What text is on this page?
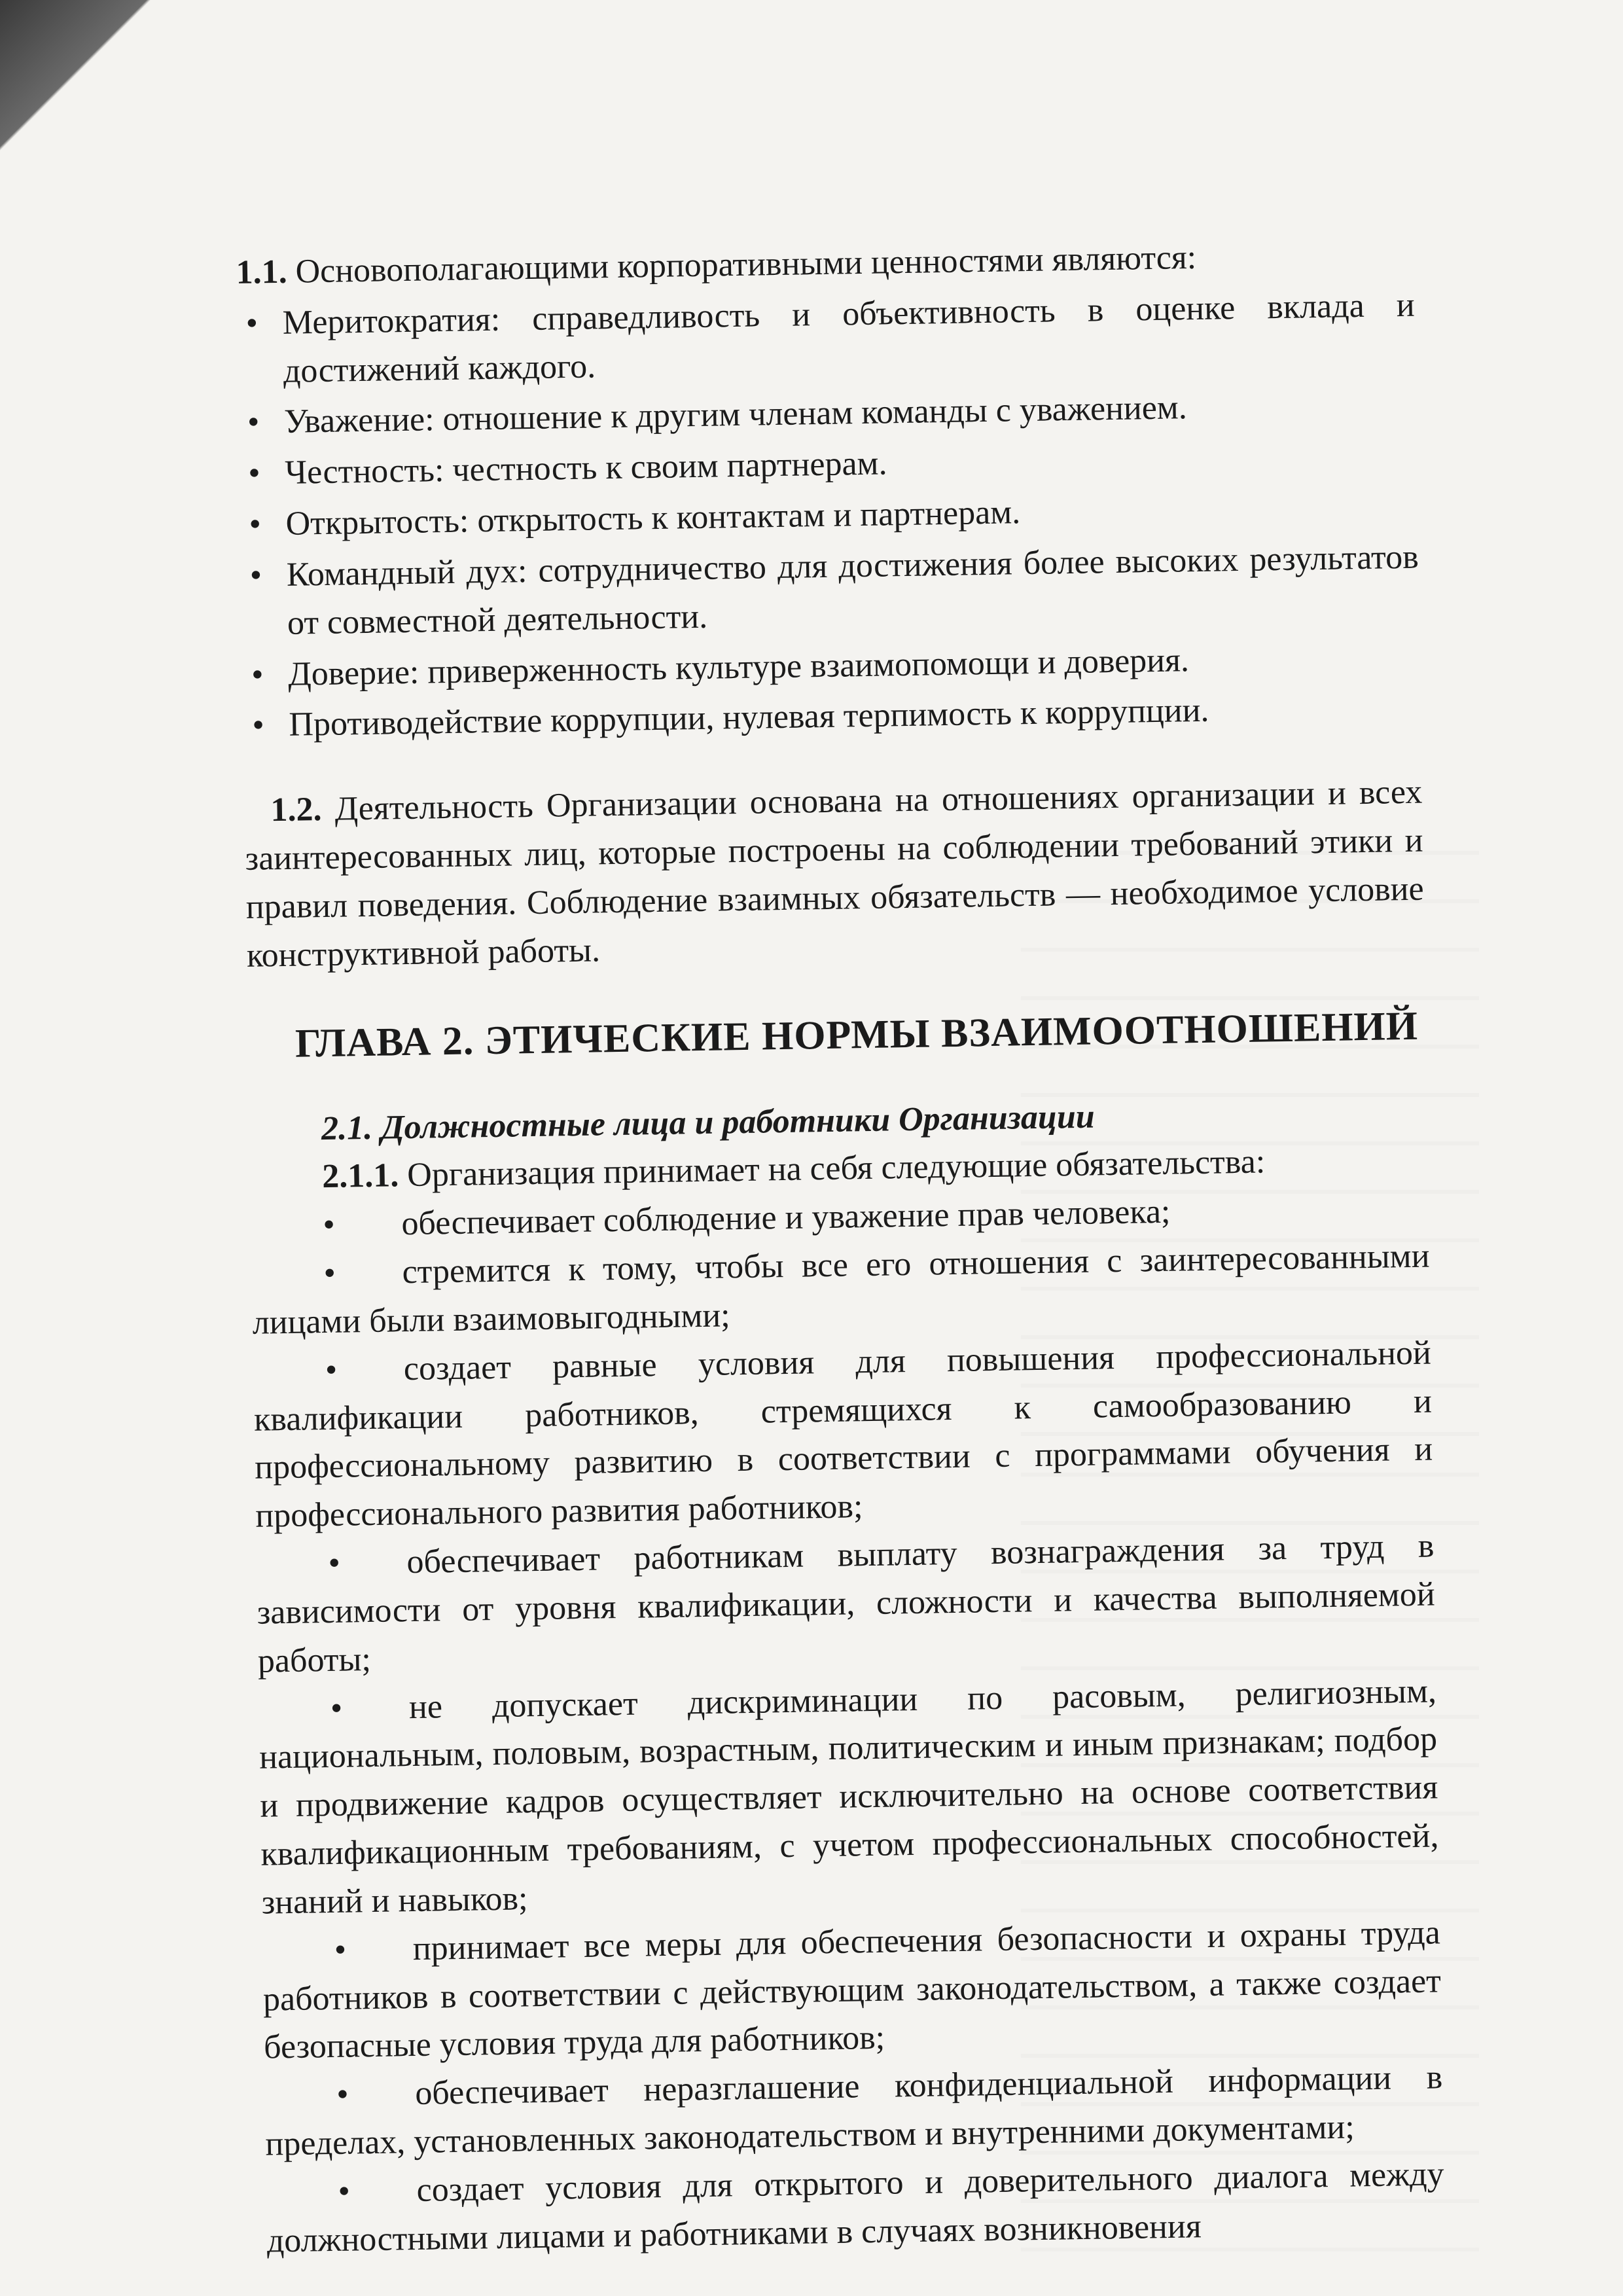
1.1. Основополагающими корпоративными ценностями являются:

• Меритократия: справедливость и объективность в оценке вклада и достижений каждого.
• Уважение: отношение к другим членам команды с уважением.
• Честность: честность к своим партнерам.
• Открытость: открытость к контактам и партнерам.
• Командный дух: сотрудничество для достижения более высоких результатов от совместной деятельности.
• Доверие: приверженность культуре взаимопомощи и доверия.
• Противодействие коррупции, нулевая терпимость к коррупции.

1.2. Деятельность Организации основана на отношениях организации и всех заинтересованных лиц, которые построены на соблюдении требований этики и правил поведения. Соблюдение взаимных обязательств — необходимое условие конструктивной работы.

ГЛАВА 2. ЭТИЧЕСКИЕ НОРМЫ ВЗАИМООТНОШЕНИЙ
2.1. Должностные лица и работники Организации
2.1.1. Организация принимает на себя следующие обязательства:

• обеспечивает соблюдение и уважение прав человека;

• стремится к тому, чтобы все его отношения с заинтересованными лицами были взаимовыгодными;

• создает равные условия для повышения профессиональной квалификации работников, стремящихся к самообразованию и профессиональному развитию в соответствии с программами обучения и профессионального развития работников;

• обеспечивает работникам выплату вознаграждения за труд в зависимости от уровня квалификации, сложности и качества выполняемой работы;

• не допускает дискриминации по расовым, религиозным, национальным, половым, возрастным, политическим и иным признакам; подбор и продвижение кадров осуществляет исключительно на основе соответствия квалификационным требованиям, с учетом профессиональных способностей, знаний и навыков;

• принимает все меры для обеспечения безопасности и охраны труда работников в соответствии с действующим законодательством, а также создает безопасные условия труда для работников;

• обеспечивает неразглашение конфиденциальной информации в пределах, установленных законодательством и внутренними документами;

• создает условия для открытого и доверительного диалога между должностными лицами и работниками в случаях возникновения
